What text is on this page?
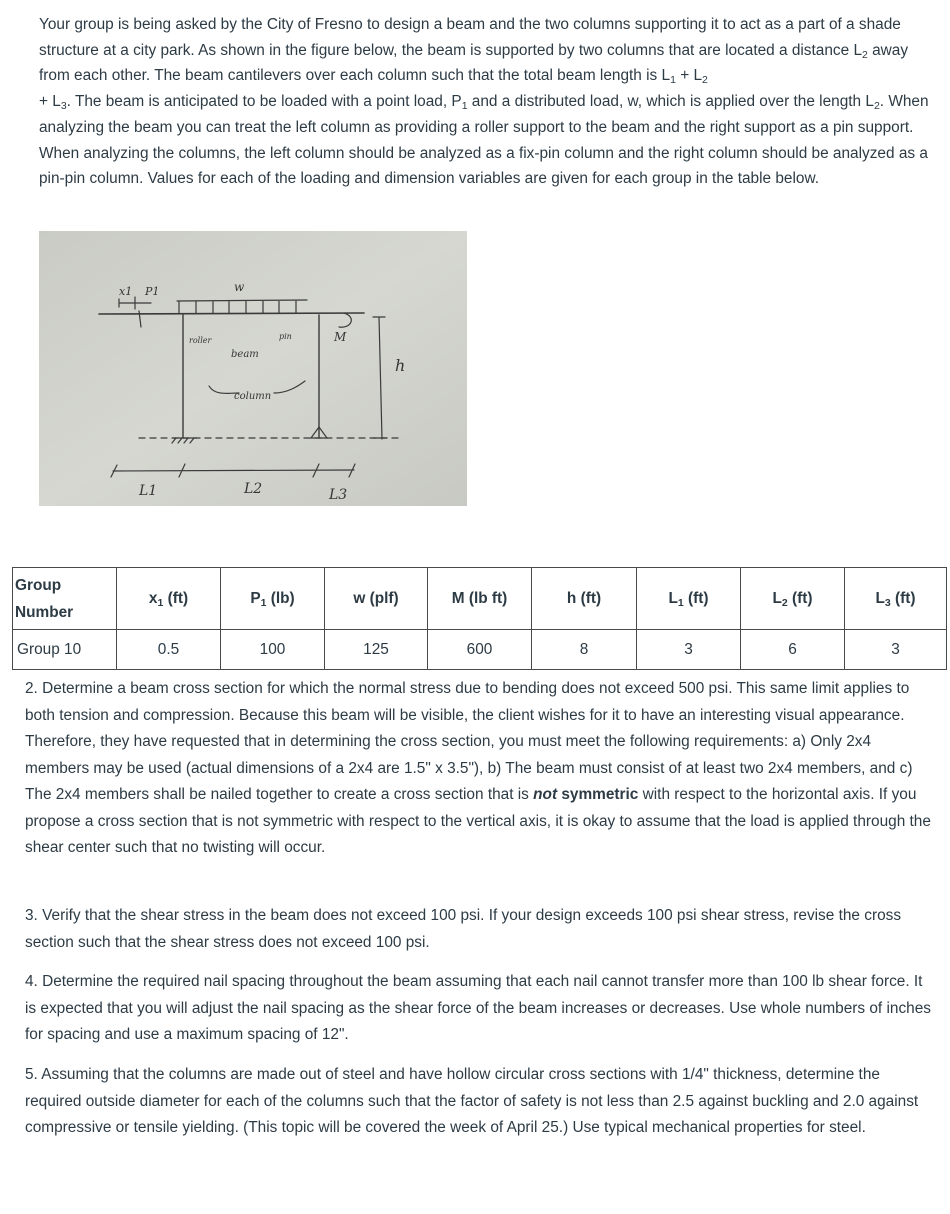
Your group is being asked by the City of Fresno to design a beam and the two columns supporting it to act as a part of a shade structure at a city park. As shown in the figure below, the beam is supported by two columns that are located a distance $L_2$ away from each other. The beam cantilevers over each column such that the total beam length is $L_1 + L_2$
+ $L_3$. The beam is anticipated to be loaded with a point load, $P_1$ and a distributed load, w, which is applied over the length $L_2$. When analyzing the beam you can treat the left column as providing a roller support to the beam and the right support as a pin support. When analyzing the columns, the left column should be analyzed as a fix-pin column and the right column should be analyzed as a pin-pin column. Values for each of the loading and dimension variables are given for each group in the table below.

x1 P1	w
roller
beam
pin	M
h
column
L1	L2	L3
Group
Number	$x_1$ (ft)	$P_1$ (lb)	w (plf)	M (lb ft)	h (ft)	$L_1$ (ft)	$L_2$ (ft)	$L_3$ (ft)
Group 10	0.5	100	125	600	8	3	6	3

2. Determine a beam cross section for which the normal stress due to bending does not exceed 500 psi. This same limit applies to both tension and compression. Because this beam will be visible, the client wishes for it to have an interesting visual appearance. Therefore, they have requested that in determining the cross section, you must meet the following requirements: a) Only 2x4 members may be used (actual dimensions of a 2x4 are 1.5" x 3.5"), b) The beam must consist of at least two 2x4 members, and c) The 2x4 members shall be nailed together to create a cross section that is not symmetric with respect to the horizontal axis. If you propose a cross section that is not symmetric with respect to the vertical axis, it is okay to assume that the load is applied through the shear center such that no twisting will occur.

3. Verify that the shear stress in the beam does not exceed 100 psi. If your design exceeds 100 psi shear stress, revise the cross section such that the shear stress does not exceed 100 psi.

4. Determine the required nail spacing throughout the beam assuming that each nail cannot transfer more than 100 lb shear force. It is expected that you will adjust the nail spacing as the shear force of the beam increases or decreases. Use whole numbers of inches for spacing and use a maximum spacing of 12".

5. Assuming that the columns are made out of steel and have hollow circular cross sections with 1/4" thickness, determine the required outside diameter for each of the columns such that the factor of safety is not less than 2.5 against buckling and 2.0 against compressive or tensile yielding. (This topic will be covered the week of April 25.) Use typical mechanical properties for steel.
